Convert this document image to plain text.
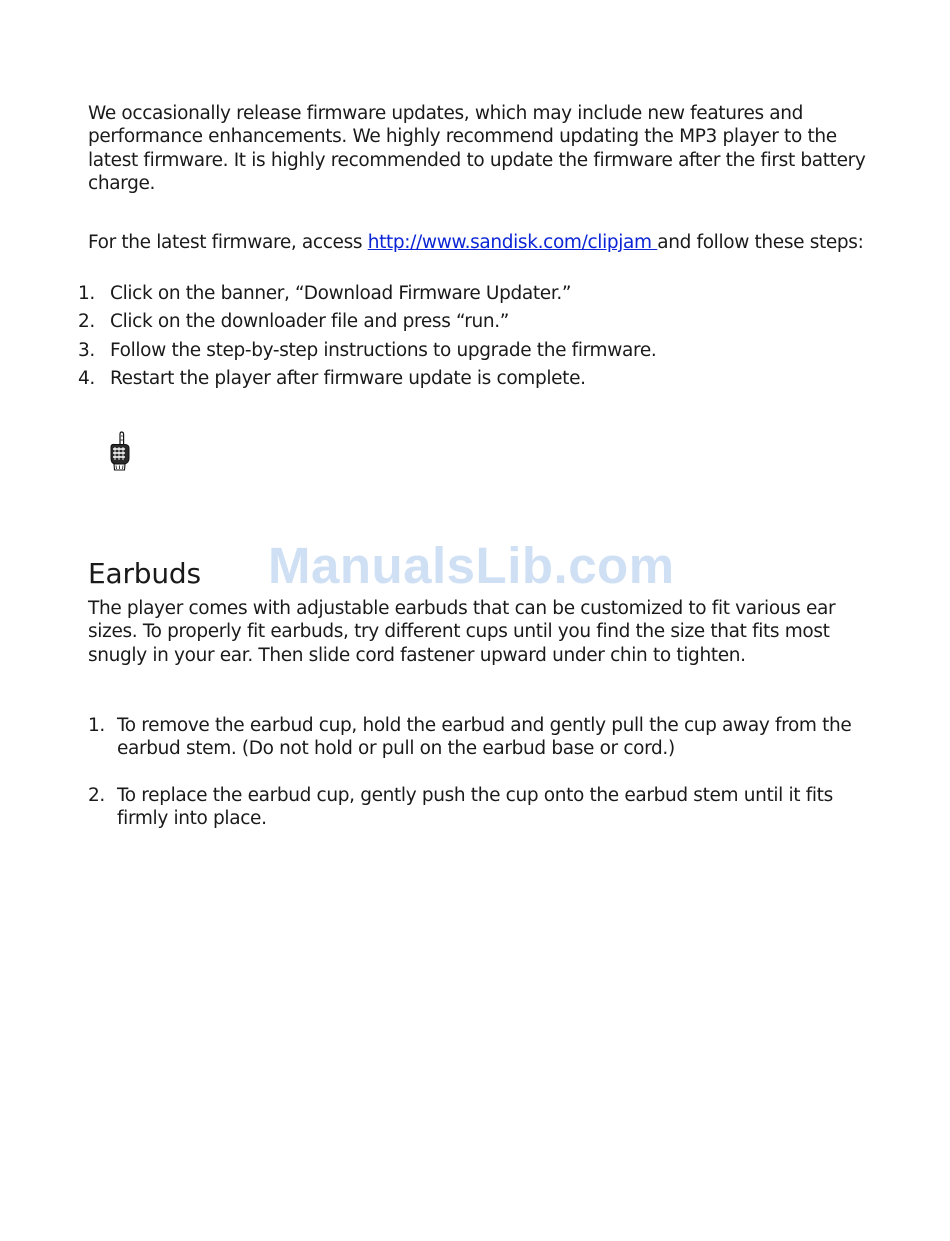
We occasionally release firmware updates, which may include new features and performance enhancements. We highly recommend updating the MP3 player to the latest firmware. It is highly recommended to update the firmware after the first battery charge.

For the latest firmware, access http://www.sandisk.com/clipjam and follow these steps:

1. Click on the banner, “Download Firmware Updater.”
2. Click on the downloader file and press “run.”
3. Follow the step-by-step instructions to upgrade the firmware.
4. Restart the player after firmware update is complete.
ManualsLib.com
Earbuds

The player comes with adjustable earbuds that can be customized to fit various ear sizes. To properly fit earbuds, try different cups until you find the size that fits most snugly in your ear. Then slide cord fastener upward under chin to tighten.

1. To remove the earbud cup, hold the earbud and gently pull the cup away from the earbud stem. (Do not hold or pull on the earbud base or cord.)
2. To replace the earbud cup, gently push the cup onto the earbud stem until it fits firmly into place.
